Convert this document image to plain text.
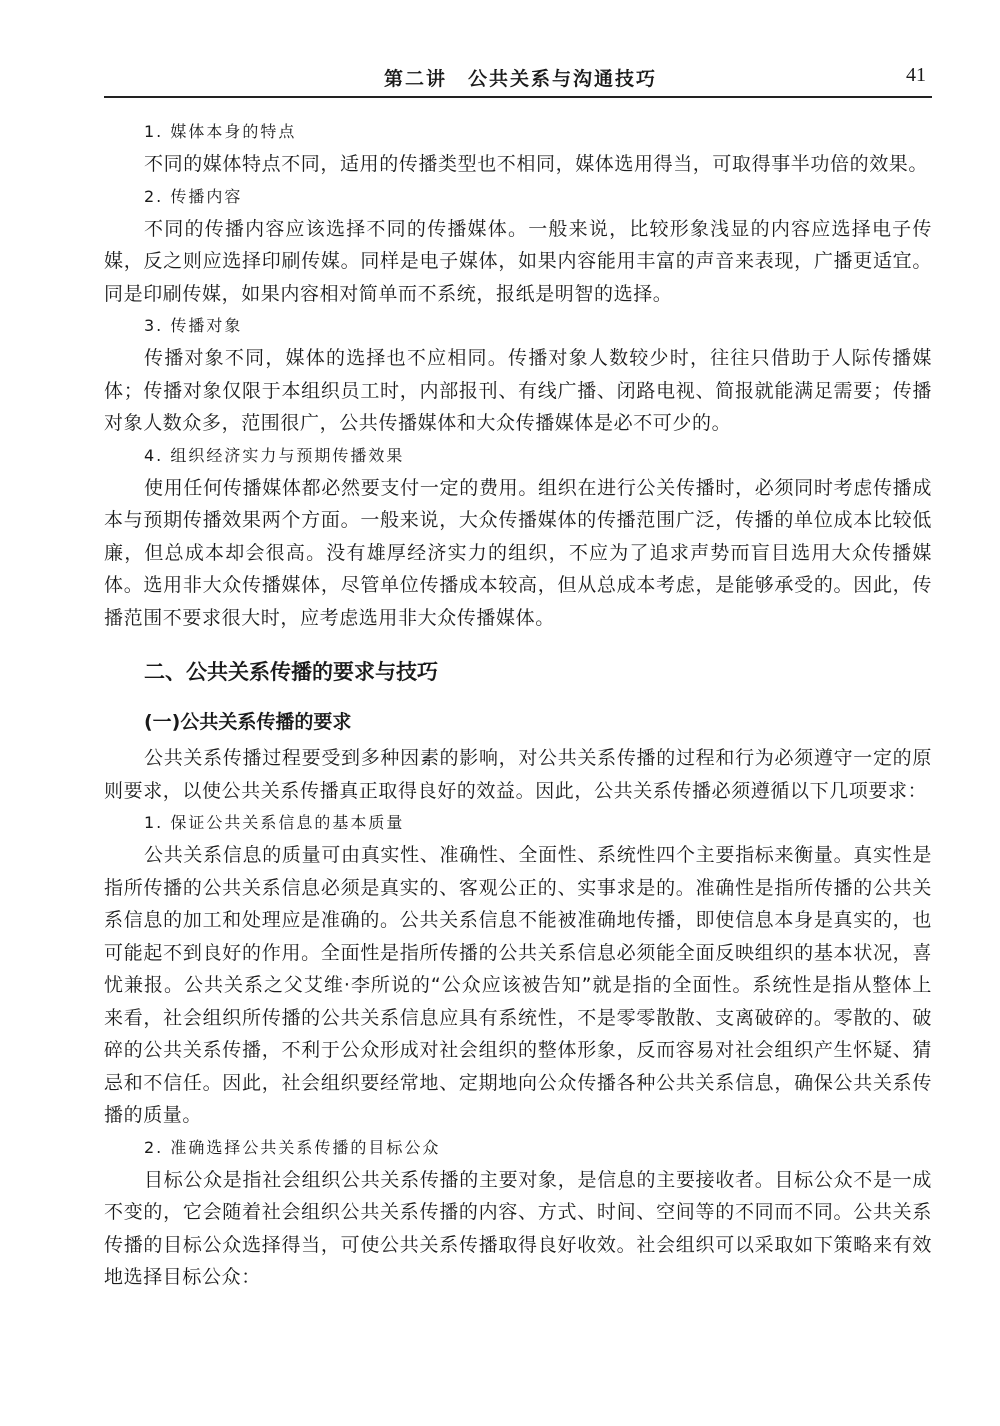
第二讲　公共关系与沟通技巧	41
1. 媒体本身的特点

不同的媒体特点不同，适用的传播类型也不相同，媒体选用得当，可取得事半功倍的效果。

2. 传播内容

不同的传播内容应该选择不同的传播媒体。一般来说，比较形象浅显的内容应选择电子传媒，反之则应选择印刷传媒。同样是电子媒体，如果内容能用丰富的声音来表现，广播更适宜。同是印刷传媒，如果内容相对简单而不系统，报纸是明智的选择。

3. 传播对象

传播对象不同，媒体的选择也不应相同。传播对象人数较少时，往往只借助于人际传播媒体；传播对象仅限于本组织员工时，内部报刊、有线广播、闭路电视、简报就能满足需要；传播对象人数众多，范围很广，公共传播媒体和大众传播媒体是必不可少的。

4. 组织经济实力与预期传播效果

使用任何传播媒体都必然要支付一定的费用。组织在进行公关传播时，必须同时考虑传播成本与预期传播效果两个方面。一般来说，大众传播媒体的传播范围广泛，传播的单位成本比较低廉，但总成本却会很高。没有雄厚经济实力的组织，不应为了追求声势而盲目选用大众传播媒体。选用非大众传播媒体，尽管单位传播成本较高，但从总成本考虑，是能够承受的。因此，传播范围不要求很大时，应考虑选用非大众传播媒体。

二、公共关系传播的要求与技巧
(一)公共关系传播的要求

公共关系传播过程要受到多种因素的影响，对公共关系传播的过程和行为必须遵守一定的原则要求，以使公共关系传播真正取得良好的效益。因此，公共关系传播必须遵循以下几项要求：

1. 保证公共关系信息的基本质量

公共关系信息的质量可由真实性、准确性、全面性、系统性四个主要指标来衡量。真实性是指所传播的公共关系信息必须是真实的、客观公正的、实事求是的。准确性是指所传播的公共关系信息的加工和处理应是准确的。公共关系信息不能被准确地传播，即使信息本身是真实的，也可能起不到良好的作用。全面性是指所传播的公共关系信息必须能全面反映组织的基本状况，喜忧兼报。公共关系之父艾维·李所说的“公众应该被告知”就是指的全面性。系统性是指从整体上来看，社会组织所传播的公共关系信息应具有系统性，不是零零散散、支离破碎的。零散的、破碎的公共关系传播，不利于公众形成对社会组织的整体形象，反而容易对社会组织产生怀疑、猜忌和不信任。因此，社会组织要经常地、定期地向公众传播各种公共关系信息，确保公共关系传播的质量。

2. 准确选择公共关系传播的目标公众

目标公众是指社会组织公共关系传播的主要对象，是信息的主要接收者。目标公众不是一成不变的，它会随着社会组织公共关系传播的内容、方式、时间、空间等的不同而不同。公共关系传播的目标公众选择得当，可使公共关系传播取得良好收效。社会组织可以采取如下策略来有效地选择目标公众：
